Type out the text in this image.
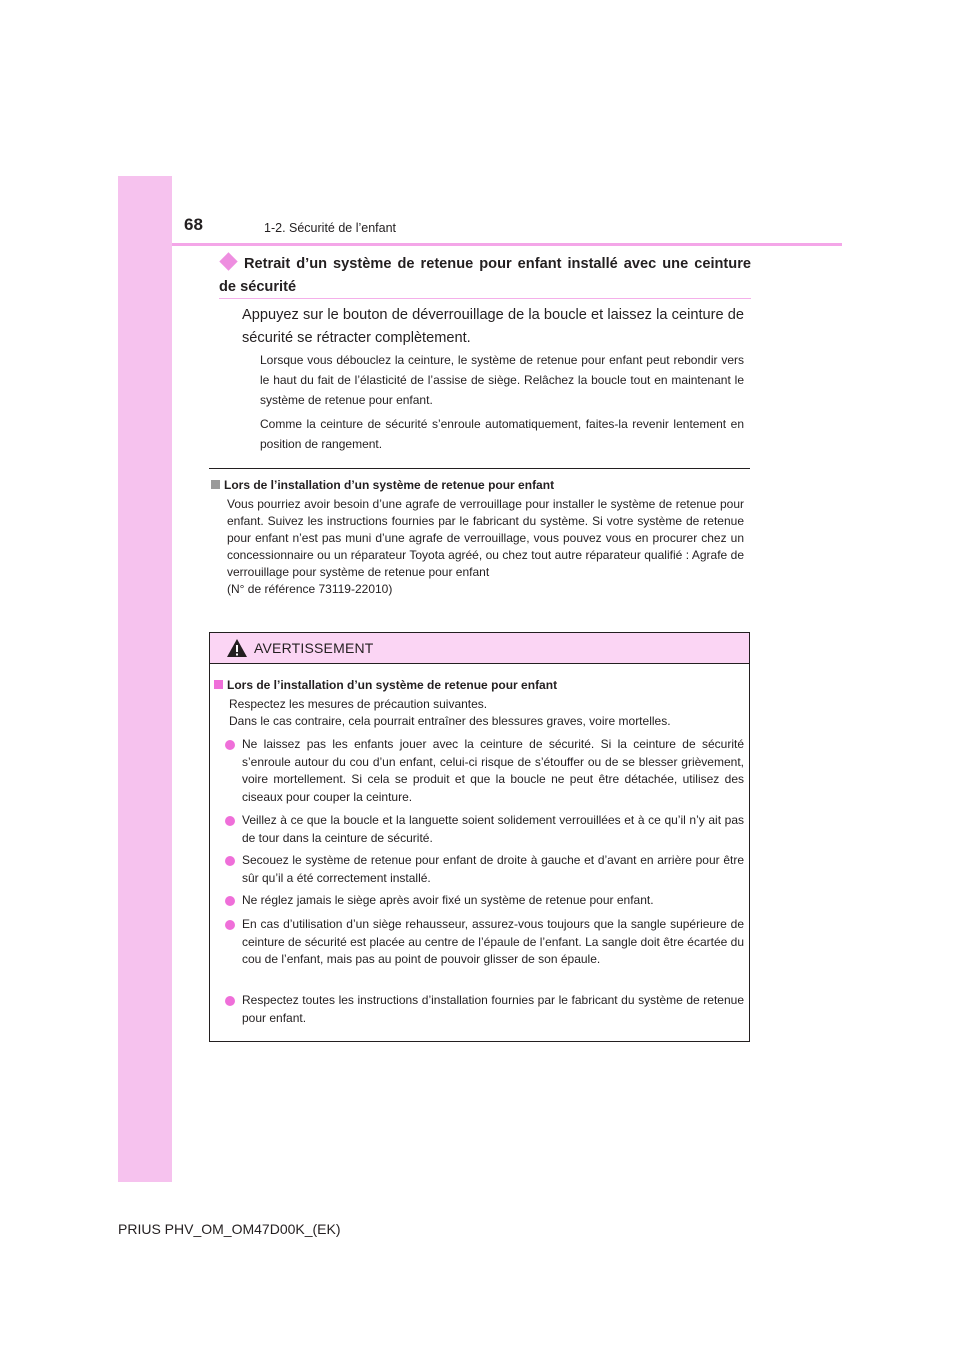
68	1-2. Sécurité de l’enfant
Retrait d’un système de retenue pour enfant installé avec une ceinture de sécurité
Appuyez sur le bouton de déverrouillage de la boucle et laissez la ceinture de sécurité se rétracter complètement.
Lorsque vous débouclez la ceinture, le système de retenue pour enfant peut rebondir vers le haut du fait de l’élasticité de l’assise de siège. Relâchez la boucle tout en maintenant le système de retenue pour enfant.
Comme la ceinture de sécurité s’enroule automatiquement, faites-la revenir lentement en position de rangement.
Lors de l’installation d’un système de retenue pour enfant

Vous pourriez avoir besoin d’une agrafe de verrouillage pour installer le système de retenue pour enfant. Suivez les instructions fournies par le fabricant du système. Si votre système de retenue pour enfant n’est pas muni d’une agrafe de verrouillage, vous pouvez vous en procurer chez un concessionnaire ou un réparateur Toyota agréé, ou chez tout autre réparateur qualifié : Agrafe de verrouillage pour système de retenue pour enfant

(N° de référence 73119-22010)

AVERTISSEMENT
Lors de l’installation d’un système de retenue pour enfant

Respectez les mesures de précaution suivantes.

Dans le cas contraire, cela pourrait entraîner des blessures graves, voire mortelles.

Ne laissez pas les enfants jouer avec la ceinture de sécurité. Si la ceinture de sécurité s’enroule autour du cou d’un enfant, celui-ci risque de s’étouffer ou de se blesser grièvement, voire mortellement. Si cela se produit et que la boucle ne peut être détachée, utilisez des ciseaux pour couper la ceinture.
Veillez à ce que la boucle et la languette soient solidement verrouillées et à ce qu’il n’y ait pas de tour dans la ceinture de sécurité.
Secouez le système de retenue pour enfant de droite à gauche et d’avant en arrière pour être sûr qu’il a été correctement installé.
Ne réglez jamais le siège après avoir fixé un système de retenue pour enfant.
En cas d’utilisation d’un siège rehausseur, assurez-vous toujours que la sangle supérieure de ceinture de sécurité est placée au centre de l’épaule de l’enfant. La sangle doit être écartée du cou de l’enfant, mais pas au point de pouvoir glisser de son épaule.
Respectez toutes les instructions d’installation fournies par le fabricant du système de retenue pour enfant.
PRIUS PHV_OM_OM47D00K_(EK)
